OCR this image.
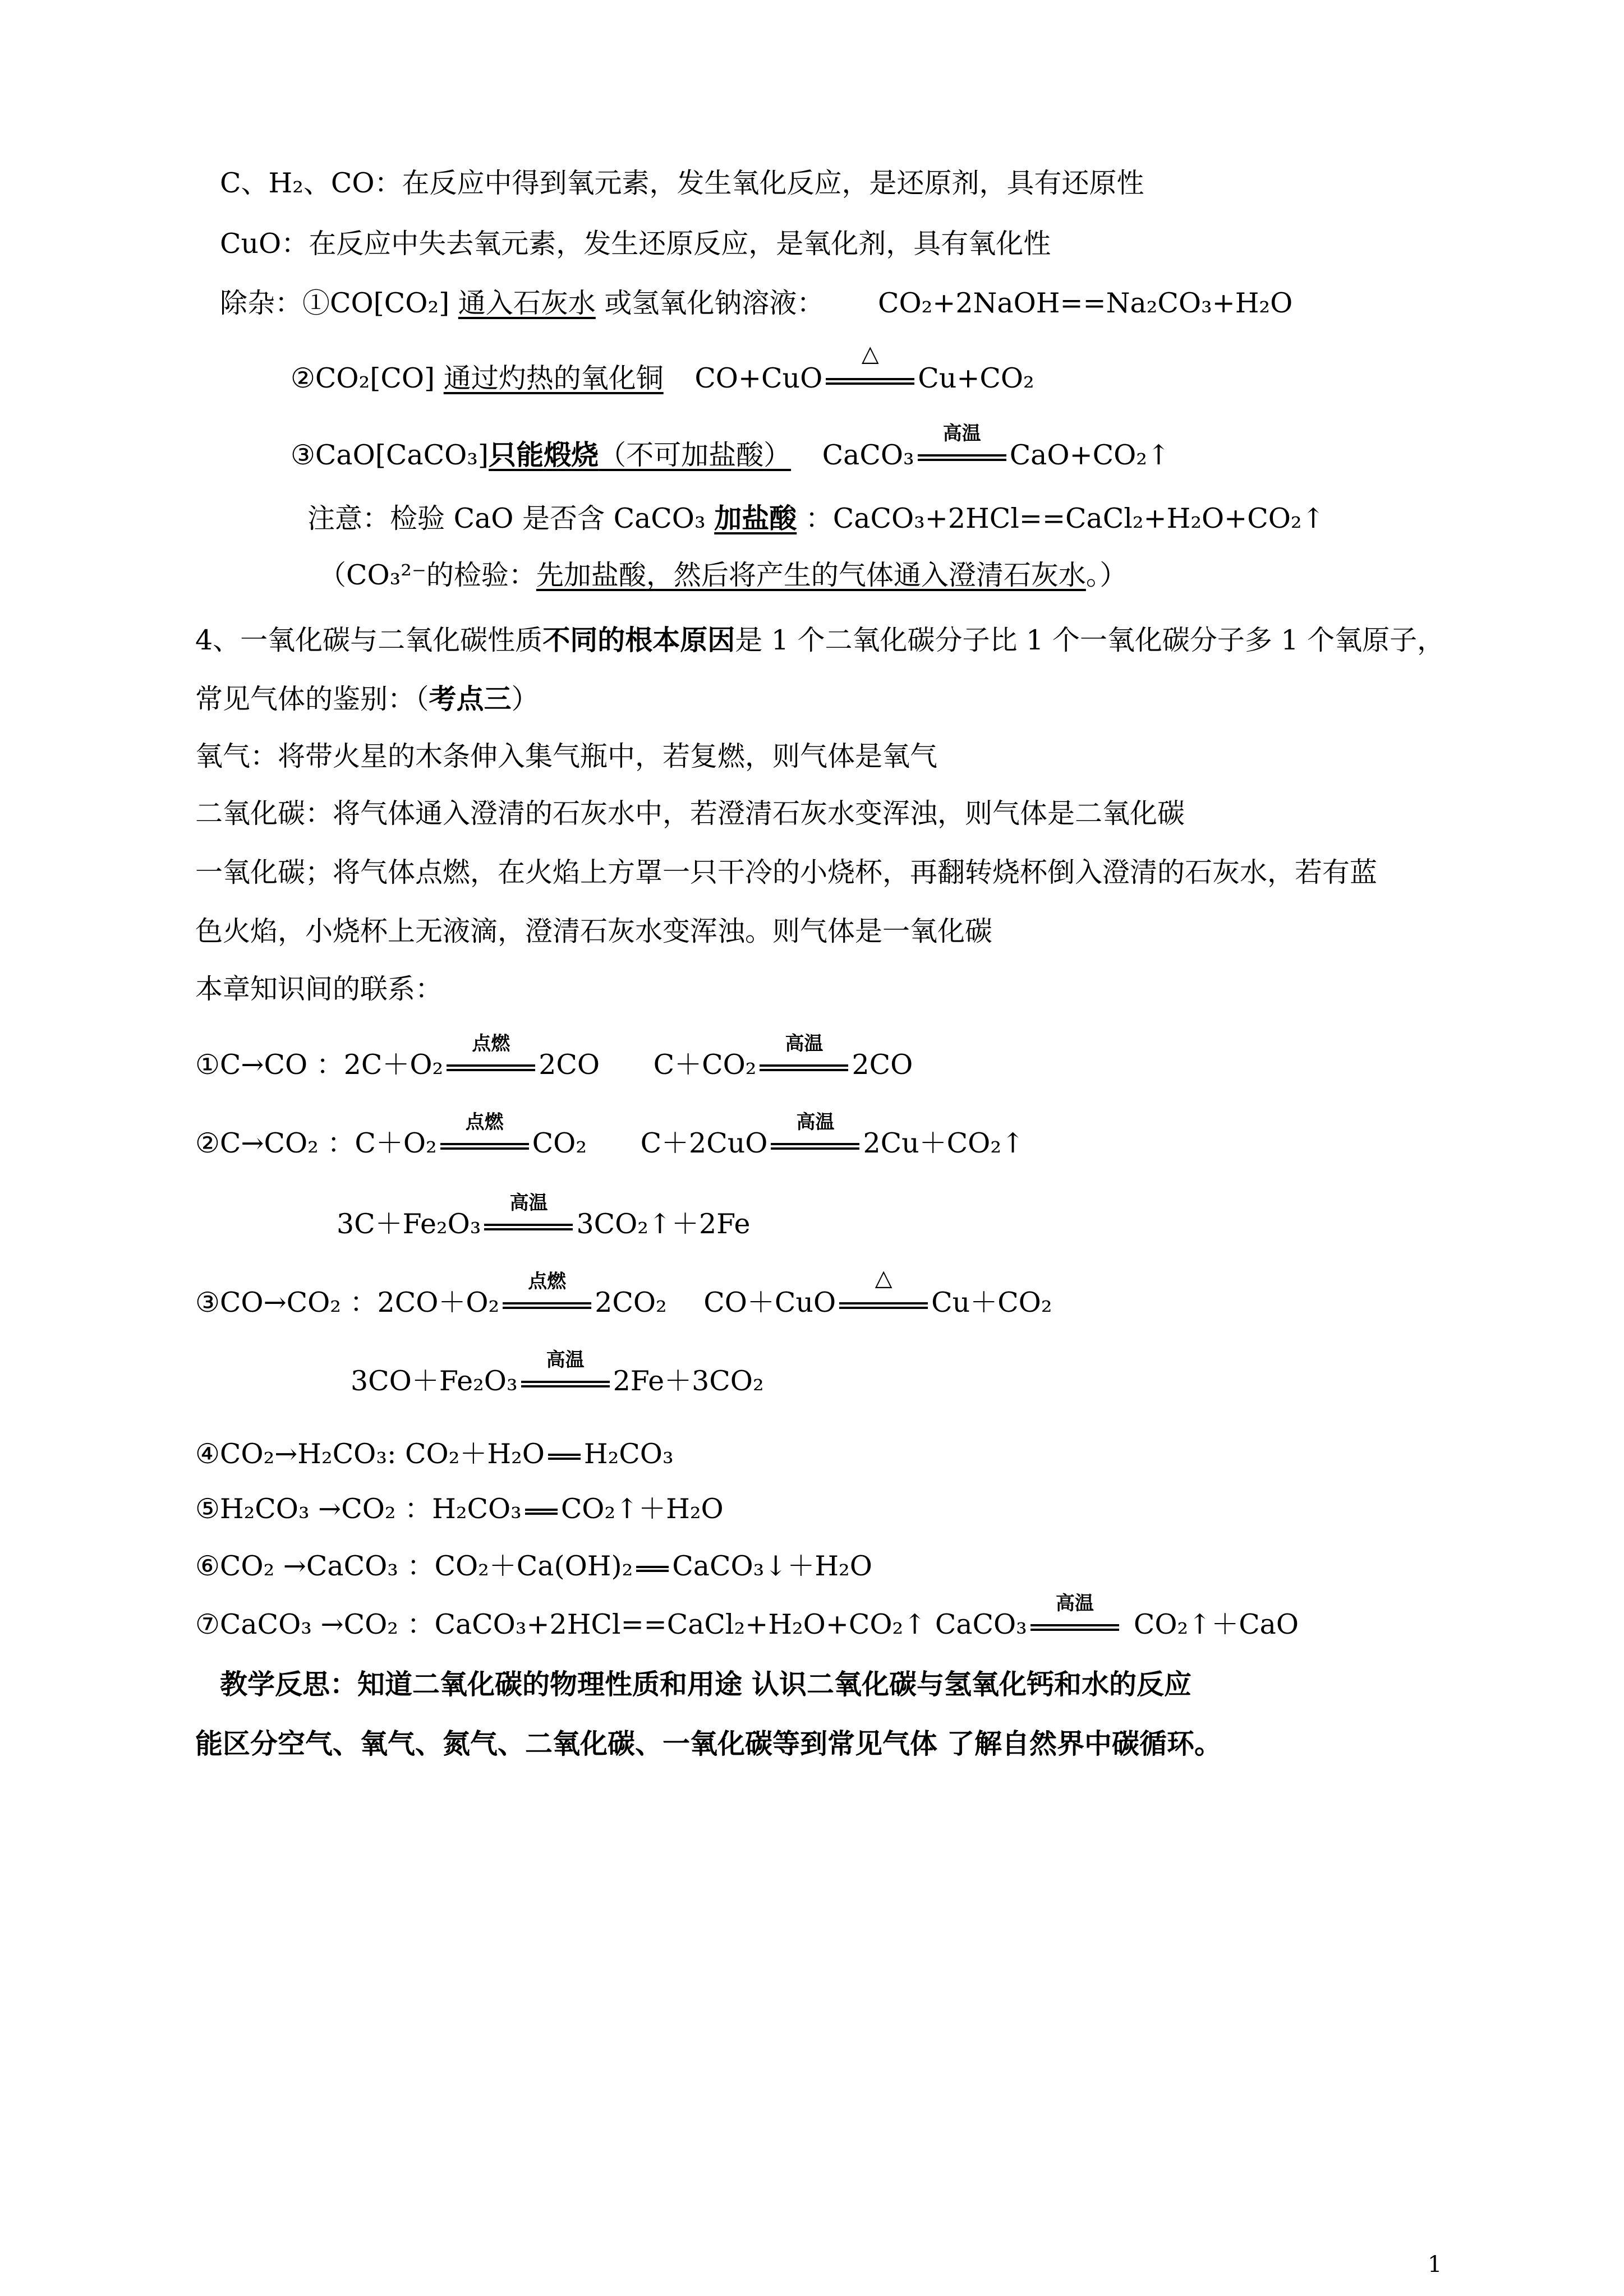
C、H₂、CO：在反应中得到氧元素，发生氧化反应，是还原剂，具有还原性
CuO：在反应中失去氧元素，发生还原反应，是氧化剂，具有氧化性
除杂：①CO[CO₂] 通入石灰水 或氢氧化钠溶液： CO₂+2NaOH==Na₂CO₃+H₂O
②CO₂[CO] 通过灼热的氧化铜 CO+CuO
△
Cu+CO₂
③CaO[CaCO₃]只能煅烧（不可加盐酸） CaCO₃
高温
CaO+CO₂↑
注意：检验 CaO 是否含 CaCO₃ 加盐酸 ：CaCO₃+2HCl==CaCl₂+H₂O+CO₂↑
（CO₃²⁻的检验：先加盐酸，然后将产生的气体通入澄清石灰水。）
4、一氧化碳与二氧化碳性质不同的根本原因是 1 个二氧化碳分子比 1 个一氧化碳分子多 1 个氧原子，
常见气体的鉴别：（考点三）
氧气：将带火星的木条伸入集气瓶中，若复燃，则气体是氧气
二氧化碳：将气体通入澄清的石灰水中，若澄清石灰水变浑浊，则气体是二氧化碳
一氧化碳；将气体点燃，在火焰上方罩一只干冷的小烧杯，再翻转烧杯倒入澄清的石灰水，若有蓝
色火焰，小烧杯上无液滴，澄清石灰水变浑浊。则气体是一氧化碳
本章知识间的联系：
①C→CO ：2C＋O₂
点燃
2CO C＋CO₂
高温
2CO
②C→CO₂ ：C＋O₂
点燃
CO₂ C＋2CuO
高温
2Cu＋CO₂↑
3C＋Fe₂O₃
高温
3CO₂↑＋2Fe
③CO→CO₂ ：2CO＋O₂
点燃
2CO₂ CO＋CuO
△
Cu＋CO₂
3CO＋Fe₂O₃
高温
2Fe＋3CO₂
④CO₂→H₂CO₃: CO₂＋H₂O H₂CO₃
⑤H₂CO₃ →CO₂ ：H₂CO₃ CO₂↑＋H₂O
⑥CO₂ →CaCO₃ ：CO₂＋Ca(OH)₂ CaCO₃↓＋H₂O
⑦CaCO₃ →CO₂ ：CaCO₃+2HCl==CaCl₂+H₂O+CO₂↑ CaCO₃
高温
CO₂↑＋CaO
教学反思：知道二氧化碳的物理性质和用途 认识二氧化碳与氢氧化钙和水的反应
能区分空气、氧气、氮气、二氧化碳、一氧化碳等到常见气体 了解自然界中碳循环。
1
